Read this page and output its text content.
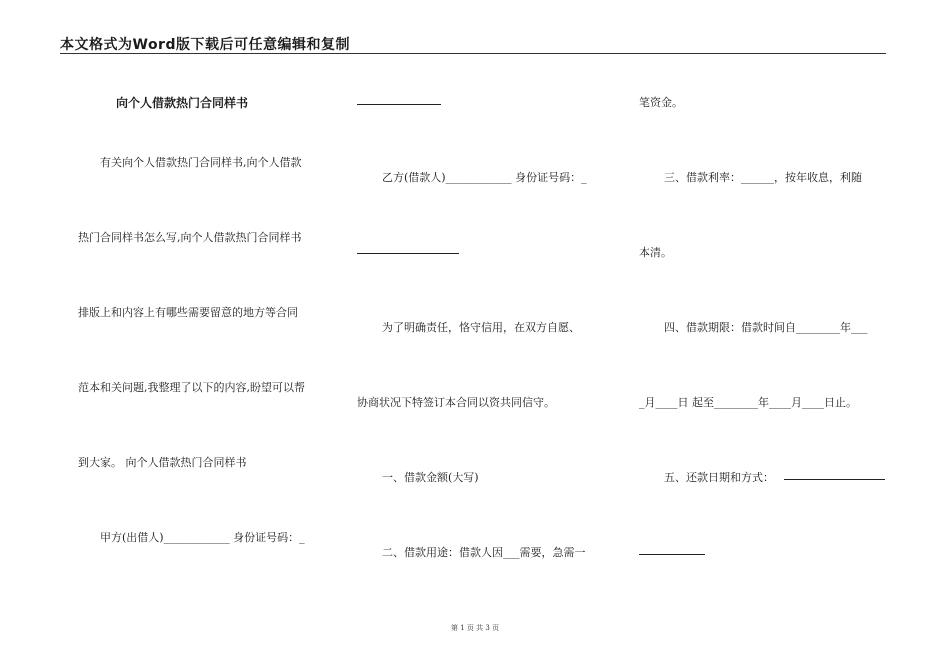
本文格式为Word版下载后可任意编辑和复制
向个人借款热门合同样书
有关向个人借款热门合同样书,向个人借款
热门合同样书怎么写,向个人借款热门合同样书
排版上和内容上有哪些需要留意的地方等合同
范本和关问题,我整理了以下的内容,盼望可以帮
到大家。 向个人借款热门合同样书
甲方(出借人)____________ 身份证号码：_
乙方(借款人)____________ 身份证号码：_
为了明确责任，恪守信用，在双方自愿、
协商状况下特签订本合同以资共同信守。
一、借款金额(大写)
二、借款用途：借款人因___需要，急需一
笔资金。
三、借款利率：______，按年收息，利随
本清。
四、借款期限：借款时间自________年___
_月____日 起至________年____月____日止。
五、还款日期和方式：
第 1 页 共 3 页
